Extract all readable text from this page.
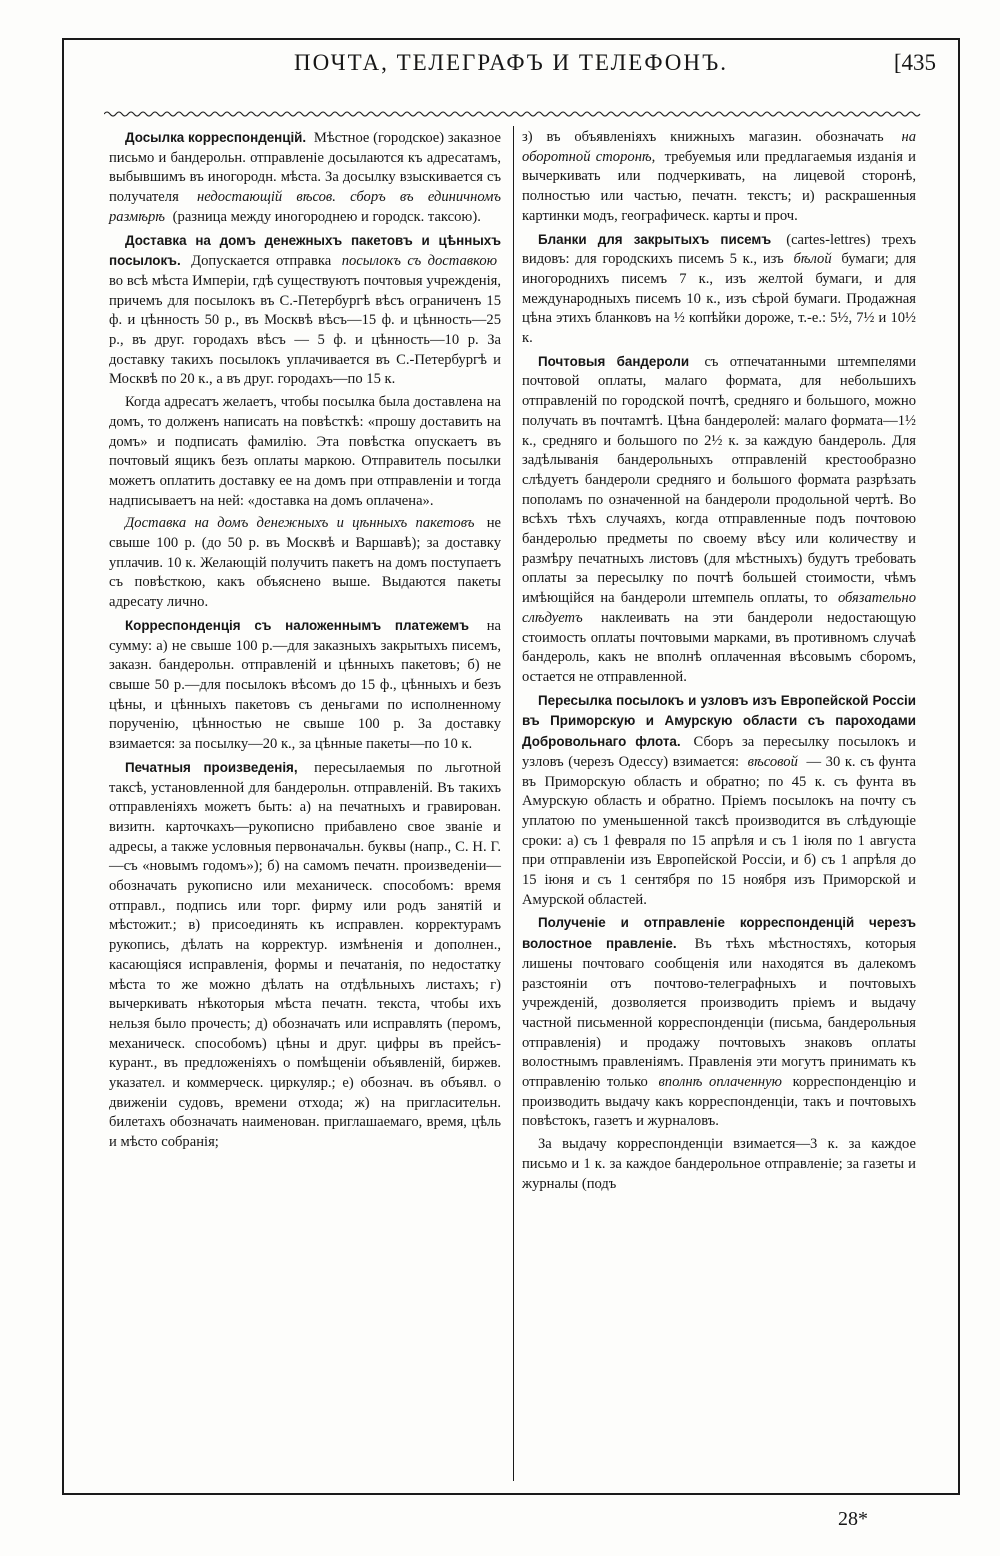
ПОЧТА, ТЕЛЕГРАФЪ И ТЕЛЕФОНЪ.	[435

Досылка корреспонденцій. Мѣстное (городское) заказное письмо и бандерольн. отправленіе досылаются къ адресатамъ, выбывшимъ въ иногородн. мѣста. За досылку взыскивается съ получателя недостающій вѣсов. сборъ въ единичномъ размѣрѣ (разница между иногороднею и городск. таксою).

Доставка на домъ денежныхъ пакетовъ и цѣнныхъ посылокъ. Допускается отправка посылокъ съ доставкою во всѣ мѣста Имперіи, гдѣ существуютъ почтовыя учрежденія, причемъ для посылокъ въ С.-Петербургѣ вѣсъ ограниченъ 15 ф. и цѣнность 50 р., въ Москвѣ вѣсъ—15 ф. и цѣнность—25 р., въ друг. городахъ вѣсъ — 5 ф. и цѣнность—10 р. За доставку такихъ посылокъ уплачивается въ С.-Петербургѣ и Москвѣ по 20 к., а въ друг. городахъ—по 15 к.

Когда адресатъ желаетъ, чтобы посылка была доставлена на домъ, то долженъ написать на повѣсткѣ: «прошу доставить на домъ» и подписать фамилію. Эта повѣстка опускаетъ въ почтовый ящикъ безъ оплаты маркою. Отправитель посылки можетъ оплатить доставку ее на домъ при отправленіи и тогда надписываетъ на ней: «доставка на домъ оплачена».

Доставка на домъ денежныхъ и цѣнныхъ пакетовъ не свыше 100 р. (до 50 р. въ Москвѣ и Варшавѣ); за доставку уплачив. 10 к. Желающій получить пакетъ на домъ поступаетъ съ повѣсткою, какъ объяснено выше. Выдаются пакеты адресату лично.

Корреспонденція съ наложеннымъ платежемъ на сумму: а) не свыше 100 р.—для заказныхъ закрытыхъ писемъ, заказн. бандерольн. отправленій и цѣнныхъ пакетовъ; б) не свыше 50 р.—для посылокъ вѣсомъ до 15 ф., цѣнныхъ и безъ цѣны, и цѣнныхъ пакетовъ съ деньгами по исполненному порученію, цѣнностью не свыше 100 р. За доставку взимается: за посылку—20 к., за цѣнные пакеты—по 10 к.

Печатныя произведенія, пересылаемыя по льготной таксѣ, установленной для бандерольн. отправленій. Въ такихъ отправленіяхъ можетъ быть: а) на печатныхъ и гравирован. визитн. карточкахъ—рукописно прибавлено свое званіе и адресы, а также условныя первоначальн. буквы (напр., С. Н. Г.—съ «новымъ годомъ»); б) на самомъ печатн. произведеніи—обозначать рукописно или механическ. способомъ: время отправл., подпись или торг. фирму или родъ занятій и мѣстожит.; в) присоединять къ исправлен. корректурамъ рукопись, дѣлать на корректур. измѣненія и дополнен., касающіяся исправленія, формы и печатанія, по недостатку мѣста то же можно дѣлать на отдѣльныхъ листахъ; г) вычеркивать нѣкоторыя мѣста печатн. текста, чтобы ихъ нельзя было прочесть; д) обозначать или исправлять (перомъ, механическ. способомъ) цѣны и друг. цифры въ прейсъ-курант., въ предложеніяхъ о помѣщеніи объявленій, биржев. указател. и коммерческ. циркуляр.; е) обознач. въ объявл. о движеніи судовъ, времени отхода; ж) на пригласительн. билетахъ обозначать наименован. приглашаемаго, время, цѣль и мѣсто собранія;

з) въ объявленіяхъ книжныхъ магазин. обозначать на оборотной сторонѣ, требуемыя или предлагаемыя изданія и вычеркивать или подчеркивать, на лицевой сторонѣ, полностью или частью, печатн. текстъ; и) раскрашенныя картинки модъ, географическ. карты и проч.

Бланки для закрытыхъ писемъ (cartes-lettres) трехъ видовъ: для городскихъ писемъ 5 к., изъ бѣлой бумаги; для иногороднихъ писемъ 7 к., изъ желтой бумаги, и для международныхъ писемъ 10 к., изъ сѣрой бумаги. Продажная цѣна этихъ бланковъ на ½ копѣйки дороже, т.-е.: 5½, 7½ и 10½ к.

Почтовыя бандероли съ отпечатанными штемпелями почтовой оплаты, малаго формата, для небольшихъ отправленій по городской почтѣ, средняго и большого, можно получать въ почтамтѣ. Цѣна бандеролей: малаго формата—1½ к., средняго и большого по 2½ к. за каждую бандероль. Для задѣлыванія бандерольныхъ отправленій крестообразно слѣдуетъ бандероли средняго и большого формата разрѣзать пополамъ по означенной на бандероли продольной чертѣ. Во всѣхъ тѣхъ случаяхъ, когда отправленные подъ почтовою бандеролью предметы по своему вѣсу или количеству и размѣру печатныхъ листовъ (для мѣстныхъ) будутъ требовать оплаты за пересылку по почтѣ большей стоимости, чѣмъ имѣющійся на бандероли штемпель оплаты, то обязательно слѣдуетъ наклеивать на эти бандероли недостающую стоимость оплаты почтовыми марками, въ противномъ случаѣ бандероль, какъ не вполнѣ оплаченная вѣсовымъ сборомъ, остается не отправленной.

Пересылка посылокъ и узловъ изъ Европейской Россіи въ Приморскую и Амурскую области съ пароходами Добровольнаго флота. Сборъ за пересылку посылокъ и узловъ (черезъ Одессу) взимается: вѣсовой — 30 к. съ фунта въ Приморскую область и обратно; по 45 к. съ фунта въ Амурскую область и обратно. Пріемъ посылокъ на почту съ уплатою по уменьшенной таксѣ производится въ слѣдующіе сроки: а) съ 1 февраля по 15 апрѣля и съ 1 іюля по 1 августа при отправленіи изъ Европейской Россіи, и б) съ 1 апрѣля до 15 іюня и съ 1 сентября по 15 ноября изъ Приморской и Амурской областей.

Полученіе и отправленіе корреспонденцій черезъ волостное правленіе. Въ тѣхъ мѣстностяхъ, которыя лишены почтоваго сообщенія или находятся въ далекомъ разстояніи отъ почтово-телеграфныхъ и почтовыхъ учрежденій, дозволяется производить пріемъ и выдачу частной письменной корреспонденціи (письма, бандерольныя отправленія) и продажу почтовыхъ знаковъ оплаты волостнымъ правленіямъ. Правленія эти могутъ принимать къ отправленію только вполнѣ оплаченную корреспонденцію и производить выдачу какъ корреспонденціи, такъ и почтовыхъ повѣстокъ, газетъ и журналовъ.

За выдачу корреспонденціи взимается—3 к. за каждое письмо и 1 к. за каждое бандерольное отправленіе; за газеты и журналы (подъ

28*
